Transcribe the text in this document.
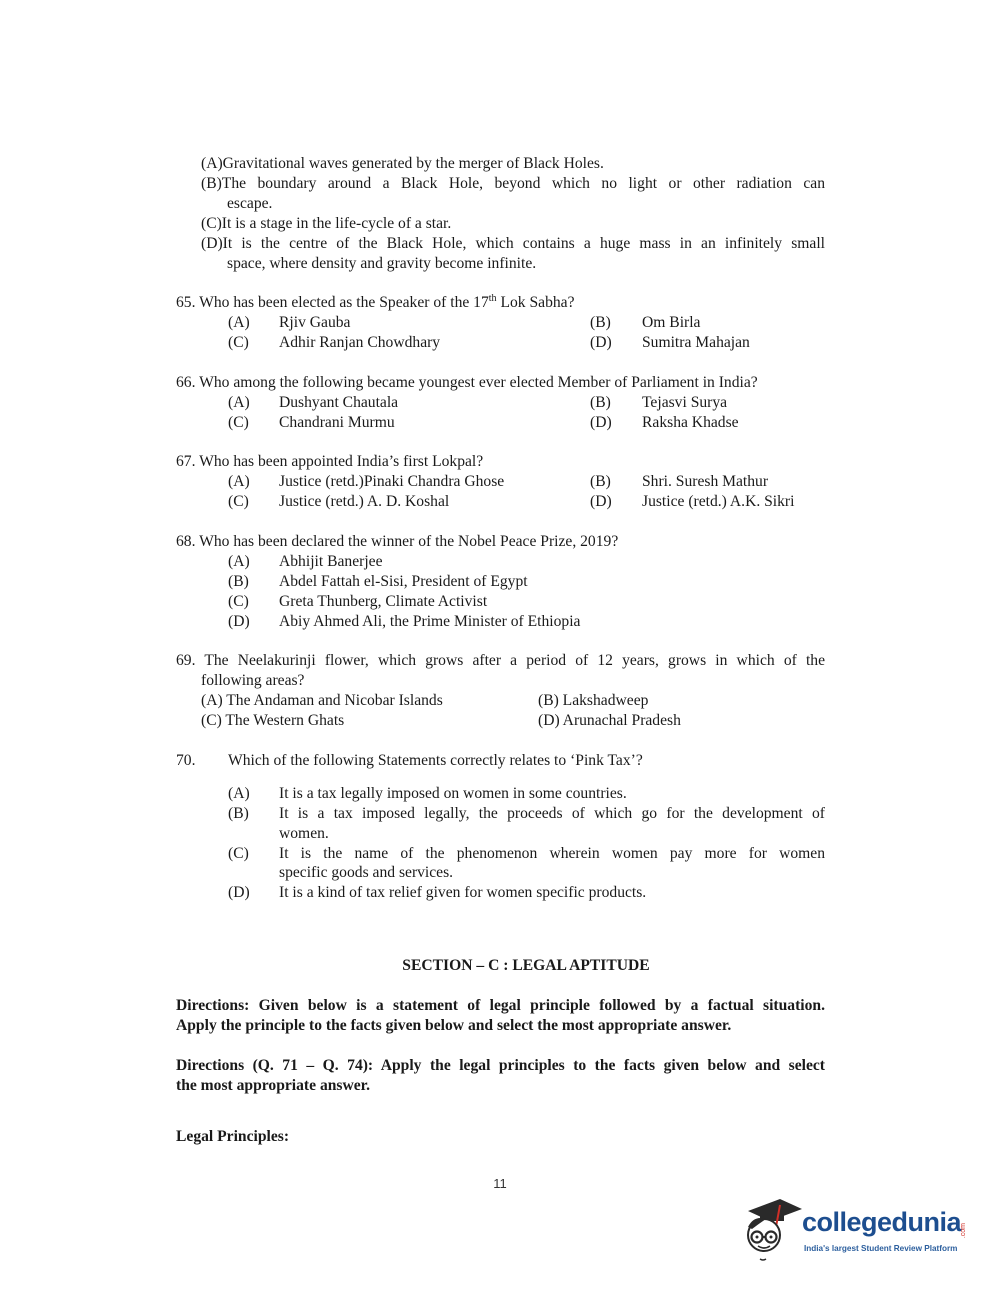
(A)Gravitational waves generated by the merger of Black Holes.
(B)The boundary around a Black Hole, beyond which no light or other radiation can
escape.
(C)It is a stage in the life-cycle of a star.
(D)It is the centre of the Black Hole, which contains a huge mass in an infinitely small
space, where density and gravity become infinite.
65. Who has been elected as the Speaker of the 17th Lok Sabha?
(A) Rjiv Gauba	(B) Om Birla
(C) Adhir Ranjan Chowdhary	(D) Sumitra Mahajan
66. Who among the following became youngest ever elected Member of Parliament in India?
(A) Dushyant Chautala	(B) Tejasvi Surya
(C) Chandrani Murmu	(D) Raksha Khadse
67. Who has been appointed India’s first Lokpal?
(A) Justice (retd.)Pinaki Chandra Ghose	(B) Shri. Suresh Mathur
(C) Justice (retd.) A. D. Koshal	(D) Justice (retd.) A.K. Sikri
68. Who has been declared the winner of the Nobel Peace Prize, 2019?
(A) Abhijit Banerjee
(B) Abdel Fattah el-Sisi, President of Egypt
(C) Greta Thunberg, Climate Activist
(D) Abiy Ahmed Ali, the Prime Minister of Ethiopia
69. The Neelakurinji flower, which grows after a period of 12 years, grows in which of the
following areas?
(A) The Andaman and Nicobar Islands	(B) Lakshadweep
(C) The Western Ghats	(D) Arunachal Pradesh
70. Which of the following Statements correctly relates to ‘Pink Tax’?
(A) It is a tax legally imposed on women in some countries.
(B) It is a tax imposed legally, the proceeds of which go for the development of
women.
(C) It is the name of the phenomenon wherein women pay more for women
specific goods and services.
(D) It is a kind of tax relief given for women specific products.
SECTION – C : LEGAL APTITUDE
Directions: Given below is a statement of legal principle followed by a factual situation.
Apply the principle to the facts given below and select the most appropriate answer.
Directions (Q. 71 – Q. 74): Apply the legal principles to the facts given below and select
the most appropriate answer.
Legal Principles:
11
collegedunia
.com
India's largest Student Review Platform
